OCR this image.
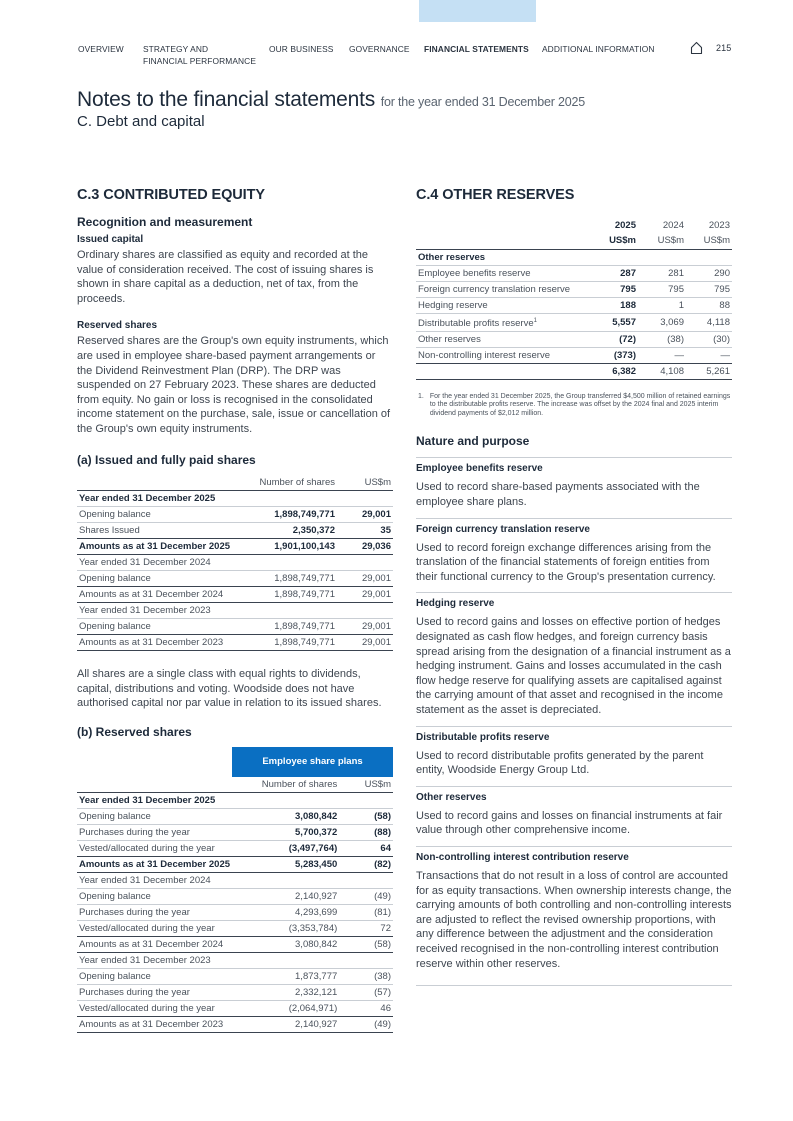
OVERVIEW STRATEGY AND
FINANCIAL PERFORMANCE
OUR BUSINESS GOVERNANCE FINANCIAL STATEMENTS ADDITIONAL INFORMATION	215
Notes to the financial statements for the year ended 31 December 2025
C. Debt and capital
C.3 CONTRIBUTED EQUITY
Recognition and measurement
Issued capital

Ordinary shares are classified as equity and recorded at the value of consideration received. The cost of issuing shares is shown in share capital as a deduction, net of tax, from the proceeds.

Reserved shares

Reserved shares are the Group's own equity instruments, which are used in employee share-based payment arrangements or the Dividend Reinvestment Plan (DRP). The DRP was suspended on 27 February 2023. These shares are deducted from equity. No gain or loss is recognised in the consolidated income statement on the purchase, sale, issue or cancellation of the Group's own equity instruments.

(a) Issued and fully paid shares
	Number of shares	US$m
Year ended 31 December 2025		
Opening balance	1,898,749,771	29,001
Shares Issued	2,350,372	35
Amounts as at 31 December 2025	1,901,100,143	29,036
Year ended 31 December 2024		
Opening balance	1,898,749,771	29,001
Amounts as at 31 December 2024	1,898,749,771	29,001
Year ended 31 December 2023		
Opening balance	1,898,749,771	29,001
Amounts as at 31 December 2023	1,898,749,771	29,001

All shares are a single class with equal rights to dividends, capital, distributions and voting. Woodside does not have authorised capital nor par value in relation to its issued shares.

(b) Reserved shares

	Employee share plans	

	Number of shares	US$m
Year ended 31 December 2025		
Opening balance	3,080,842	(58)
Purchases during the year	5,700,372	(88)
Vested/allocated during the year	(3,497,764)	64
Amounts as at 31 December 2025	5,283,450	(82)
Year ended 31 December 2024		
Opening balance	2,140,927	(49)
Purchases during the year	4,293,699	(81)
Vested/allocated during the year	(3,353,784)	72
Amounts as at 31 December 2024	3,080,842	(58)
Year ended 31 December 2023		
Opening balance	1,873,777	(38)
Purchases during the year	2,332,121	(57)
Vested/allocated during the year	(2,064,971)	46
Amounts as at 31 December 2023	2,140,927	(49)
C.4 OTHER RESERVES
	2025	2024	2023
	US$m	US$m	US$m
Other reserves			
Employee benefits reserve	287	281	290
Foreign currency translation reserve	795	795	795
Hedging reserve	188	1	88
Distributable profits reserve$^1$	5,557	3,069	4,118
Other reserves	(72)	(38)	(30)
Non-controlling interest reserve	(373)	—	—
	6,382	4,108	5,261
1. For the year ended 31 December 2025, the Group transferred $4,500 million of retained earnings to the distributable profits reserve. The increase was offset by the 2024 final and 2025 interim dividend payments of $2,012 million.
Nature and purpose
Employee benefits reserve

Used to record share-based payments associated with the employee share plans.

Foreign currency translation reserve

Used to record foreign exchange differences arising from the translation of the financial statements of foreign entities from their functional currency to the Group's presentation currency.

Hedging reserve

Used to record gains and losses on effective portion of hedges designated as cash flow hedges, and foreign currency basis spread arising from the designation of a financial instrument as a hedging instrument. Gains and losses accumulated in the cash flow hedge reserve for qualifying assets are capitalised against the carrying amount of that asset and recognised in the income statement as the asset is depreciated.

Distributable profits reserve

Used to record distributable profits generated by the parent entity, Woodside Energy Group Ltd.

Other reserves

Used to record gains and losses on financial instruments at fair value through other comprehensive income.

Non-controlling interest contribution reserve

Transactions that do not result in a loss of control are accounted for as equity transactions. When ownership interests change, the carrying amounts of both controlling and non-controlling interests are adjusted to reflect the revised ownership proportions, with any difference between the adjustment and the consideration received recognised in the non-controlling interest contribution reserve within other reserves.
